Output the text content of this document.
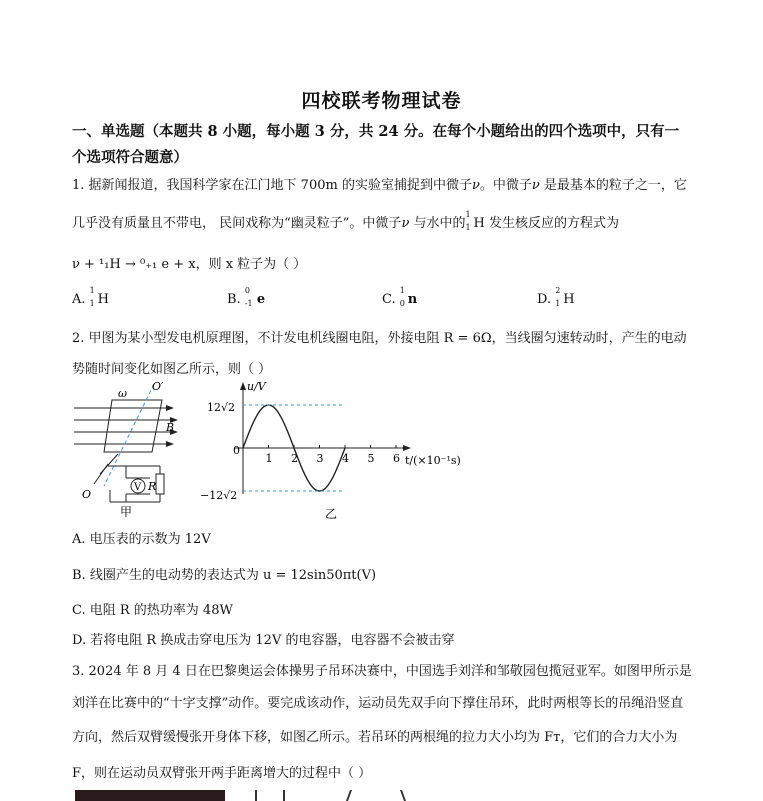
四校联考物理试卷
一、单选题（本题共 8 小题，每小题 3 分，共 24 分。在每个小题给出的四个选项中，只有一
个选项符合题意）
1. 据新闻报道，我国科学家在江门地下 700m 的实验室捕捉到中微子ν。中微子ν 是最基本的粒子之一，它
几乎没有质量且不带电， 民间戏称为“幽灵粒子”。中微子ν 与水中的
1
1 H 发生核反应的方程式为
ν + ¹₁H → ⁰₊₁ e + x，则 x 粒子为（ ）
A.
1
1 H	B.
0
-1 e	C.
1
0 n	D.
2
1 H
2. 甲图为某小型发电机原理图，不计发电机线圈电阻，外接电阻 R = 6Ω，当线圈匀速转动时，产生的电动
势随时间变化如图乙所示，则（ ）
ω
O′
B
O
V R
甲
1 2 3 4 5 6
u/V
t/(×10⁻¹s)
12√2
−12√2
0
乙
A. 电压表的示数为 12V
B. 线圈产生的电动势的表达式为 u = 12sin50πt(V)
C. 电阻 R 的热功率为 48W
D. 若将电阻 R 换成击穿电压为 12V 的电容器，电容器不会被击穿
3. 2024 年 8 月 4 日在巴黎奥运会体操男子吊环决赛中，中国选手刘洋和邹敬园包揽冠亚军。如图甲所示是
刘洋在比赛中的“十字支撑”动作。要完成该动作，运动员先双手向下撑住吊环，此时两根等长的吊绳沿竖直
方向，然后双臂缓慢张开身体下移，如图乙所示。若吊环的两根绳的拉力大小均为 Fᴛ，它们的合力大小为
F，则在运动员双臂张开两手距离增大的过程中（ ）
